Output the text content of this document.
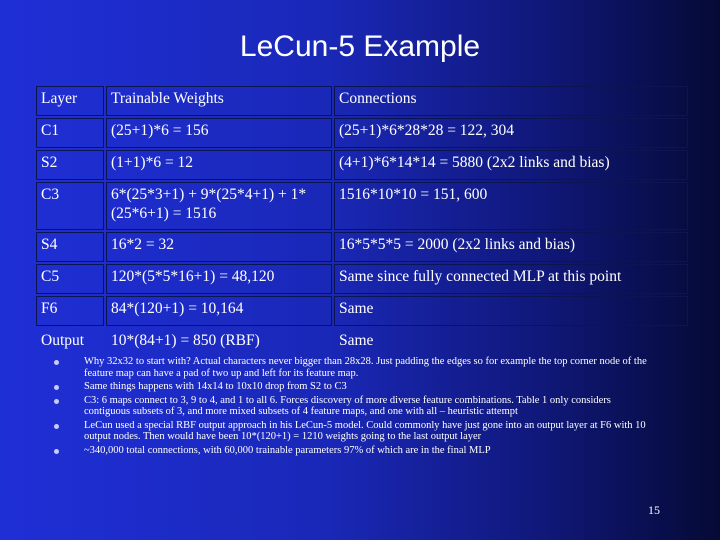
LeCun-5 Example
Layer	Trainable Weights	Connections
C1	(25+1)*6 = 156	(25+1)*6*28*28 = 122, 304
S2	(1+1)*6 = 12	(4+1)*6*14*14 = 5880 (2x2 links and bias)
C3	6*(25*3+1) + 9*(25*4+1) + 1*(25*6+1) = 1516	1516*10*10 = 151, 600
S4	16*2 = 32	16*5*5*5 = 2000 (2x2 links and bias)
C5	120*(5*5*16+1) = 48,120	Same since fully connected MLP at this point
F6	84*(120+1) = 10,164	Same
Output	10*(84+1) = 850 (RBF)	Same
Why 32x32 to start with? Actual characters never bigger than 28x28. Just padding the edges so for example the top corner node of the feature map can have a pad of two up and left for its feature map.
Same things happens with 14x14 to 10x10 drop from S2 to C3
C3: 6 maps connect to 3, 9 to 4, and 1 to all 6. Forces discovery of more diverse feature combinations. Table 1 only considers contiguous subsets of 3, and more mixed subsets of 4 feature maps, and one with all – heuristic attempt
LeCun used a special RBF output approach in his LeCun-5 model. Could commonly have just gone into an output layer at F6 with 10 output nodes. Then would have been 10*(120+1) = 1210 weights going to the last output layer
~340,000 total connections, with 60,000 trainable parameters 97% of which are in the final MLP
15
